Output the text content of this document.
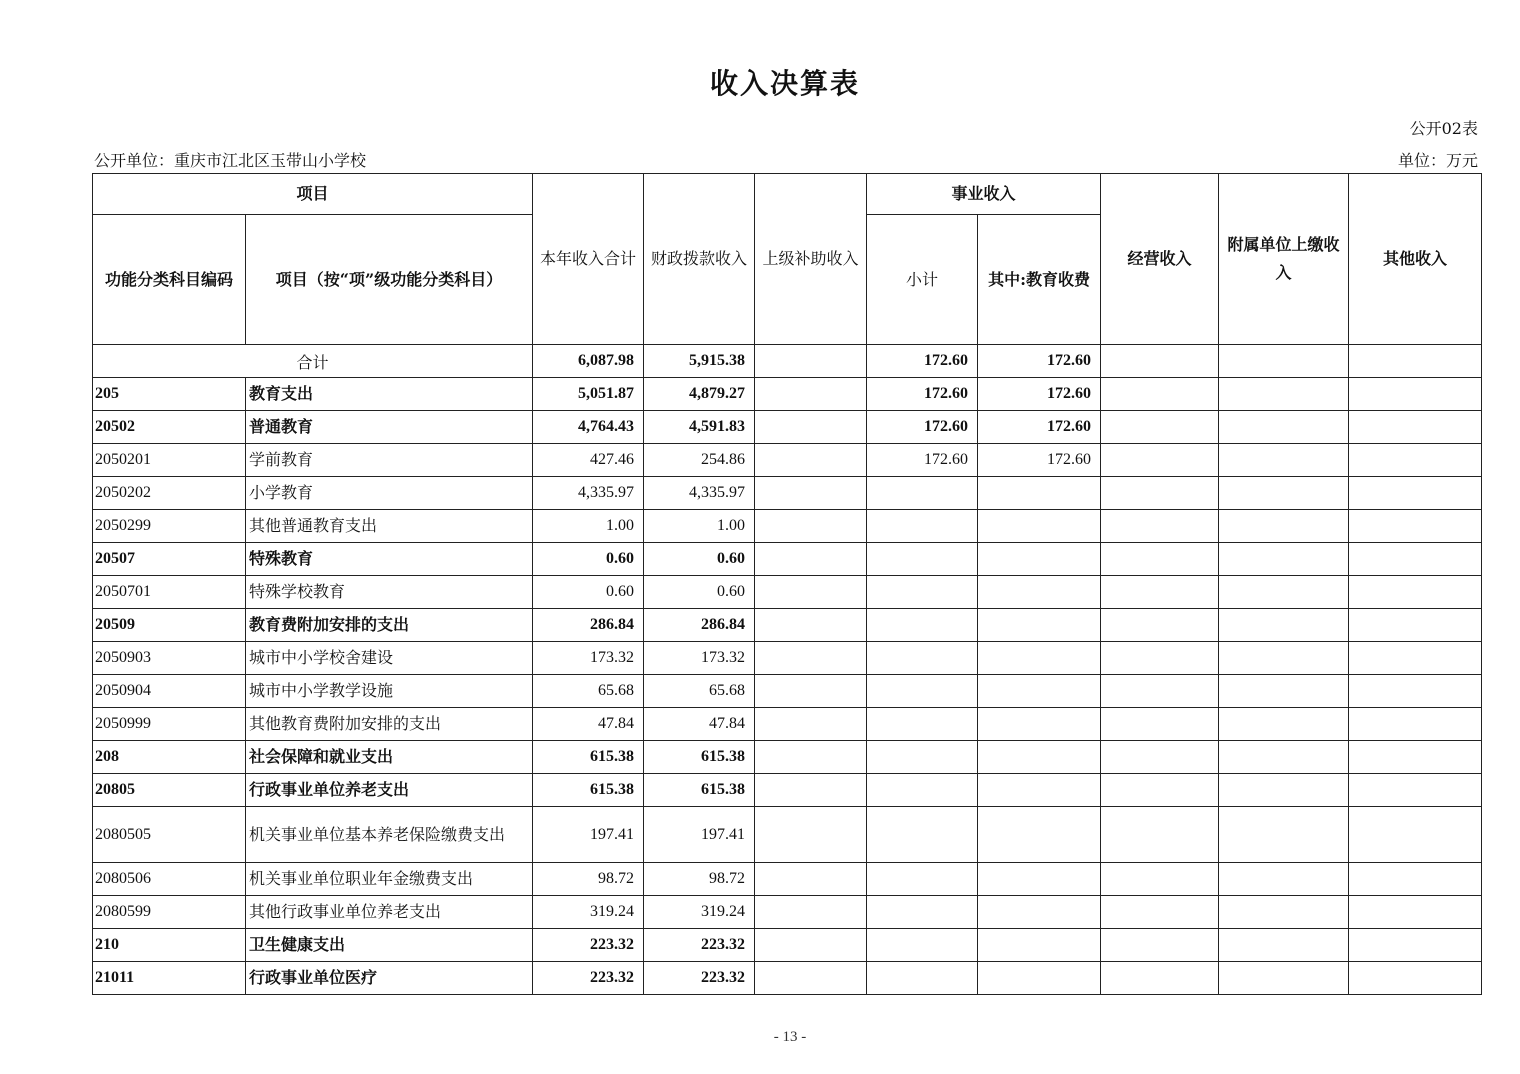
收入决算表
公开02表
公开单位：重庆市江北区玉带山小学校	单位：万元
项目		本年收入合计	财政拨款收入	上级补助收入	事业收入		经营收入	附属单位上缴收入	其他收入
功能分类科目编码	项目（按“项”级功能分类科目）				小计	其中:教育收费			
合计		6,087.98	5,915.38		172.60	172.60			
205	教育支出	5,051.87	4,879.27		172.60	172.60			
20502	普通教育	4,764.43	4,591.83		172.60	172.60			
2050201	学前教育	427.46	254.86		172.60	172.60			
2050202	小学教育	4,335.97	4,335.97						
2050299	其他普通教育支出	1.00	1.00						
20507	特殊教育	0.60	0.60						
2050701	特殊学校教育	0.60	0.60						
20509	教育费附加安排的支出	286.84	286.84						
2050903	城市中小学校舍建设	173.32	173.32						
2050904	城市中小学教学设施	65.68	65.68						
2050999	其他教育费附加安排的支出	47.84	47.84						
208	社会保障和就业支出	615.38	615.38						
20805	行政事业单位养老支出	615.38	615.38						
2080505	机关事业单位基本养老保险缴费支出	197.41	197.41						
2080506	机关事业单位职业年金缴费支出	98.72	98.72						
2080599	其他行政事业单位养老支出	319.24	319.24						
210	卫生健康支出	223.32	223.32						
21011	行政事业单位医疗	223.32	223.32						
- 13 -
